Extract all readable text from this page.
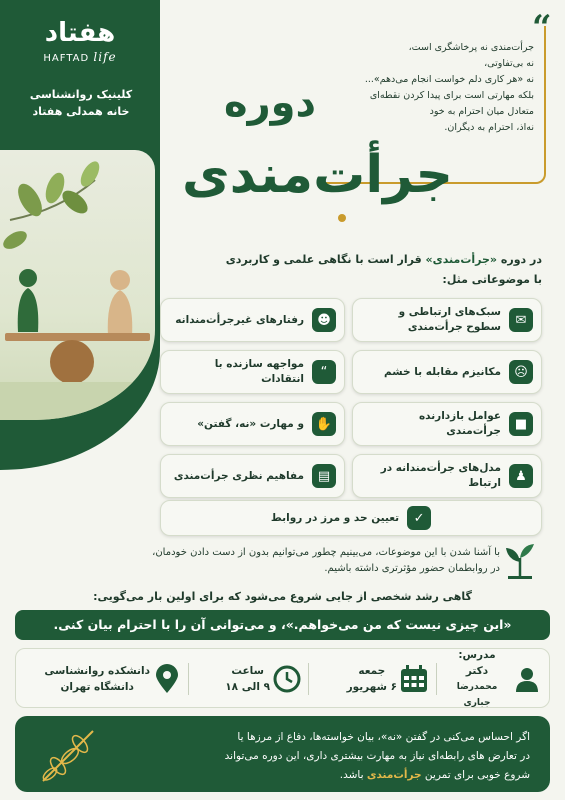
هفتاد
HAFTAD life
کلینیک روانشناسی
خانه همدلی هفتاد
“
جرأت‌مندی نه پرخاشگری است،
نه بی‌تفاوتی،
نه «هر کاری دلم خواست انجام می‌دهم»...
بلکه مهارتی است برای پیدا کردن نقطه‌ای
متعادل میان احترام به خود
نه‌اذ، احترام به دیگران.
دوره
جرأت‌مندی
در دوره «جرأت‌مندی» قرار است با نگاهی علمی و کاربردی
با موضوعاتی مثل:
✉
سبک‌های ارتباطی و سطوح جرأت‌مندی
☻
رفتارهای غیرجرأت‌مندانه
☹
مکانیزم مقابله با خشم
“
مواجهه سازنده با انتقادات
■
عوامل بازدارنده جرأت‌مندی
✋
و مهارت «نه، گفتن»
♟
مدل‌های جرأت‌مندانه در ارتباط
▤
مفاهیم نظری جرأت‌مندی
✓
تعیین حد و مرز در روابط
با آشنا شدن با این موضوعات، می‌بینیم چطور می‌توانیم بدون از دست دادن خودمان،
در روابطمان حضور مؤثرتری داشته باشیم.
گاهی رشد شخصی از جایی شروع می‌شود که برای اولین بار می‌گویی:
«این چیزی نیست که من می‌خواهم.»، و می‌توانی آن را با احترام بیان کنی.
مدرس:
دکتر
محمدرضا جباری
جمعه
۶ شهریور
ساعت
۹ الی ۱۸
دانشکده روانشناسی
دانشگاه تهران
اگر احساس می‌کنی در گفتن «نه»، بیان خواسته‌ها، دفاع از مرزها یا
در تعارض های رابطه‌ای نیاز به مهارت بیشتری داری، این دوره می‌تواند
شروع خوبی برای تمرین جرأت‌مندی باشد.
